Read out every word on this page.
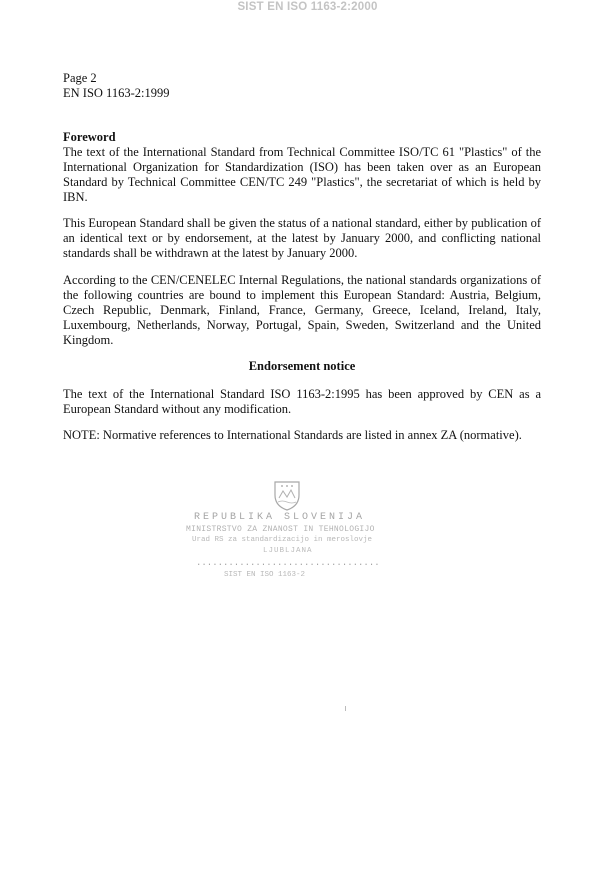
SIST EN ISO 1163-2:2000
Page 2
EN ISO 1163-2:1999

Foreword

The text of the International Standard from Technical Committee ISO/TC 61 "Plastics" of the International Organization for Standardization (ISO) has been taken over as an European Standard by Technical Committee CEN/TC 249 "Plastics", the secretariat of which is held by IBN.

This European Standard shall be given the status of a national standard, either by publication of an identical text or by endorsement, at the latest by January 2000, and conflicting national standards shall be withdrawn at the latest by January 2000.

According to the CEN/CENELEC Internal Regulations, the national standards organizations of the following countries are bound to implement this European Standard: Austria, Belgium, Czech Republic, Denmark, Finland, France, Germany, Greece, Iceland, Ireland, Italy, Luxembourg, Netherlands, Norway, Portugal, Spain, Sweden, Switzerland and the United Kingdom.

Endorsement notice

The text of the International Standard ISO 1163-2:1995 has been approved by CEN as a European Standard without any modification.

NOTE: Normative references to International Standards are listed in annex ZA (normative).

REPUBLIKA SLOVENIJA
MINISTRSTVO ZA ZNANOST IN TEHNOLOGIJO
Urad RS za standardizacijo in meroslovje
LJUBLJANA
..................................
SIST EN ISO 1163-2
